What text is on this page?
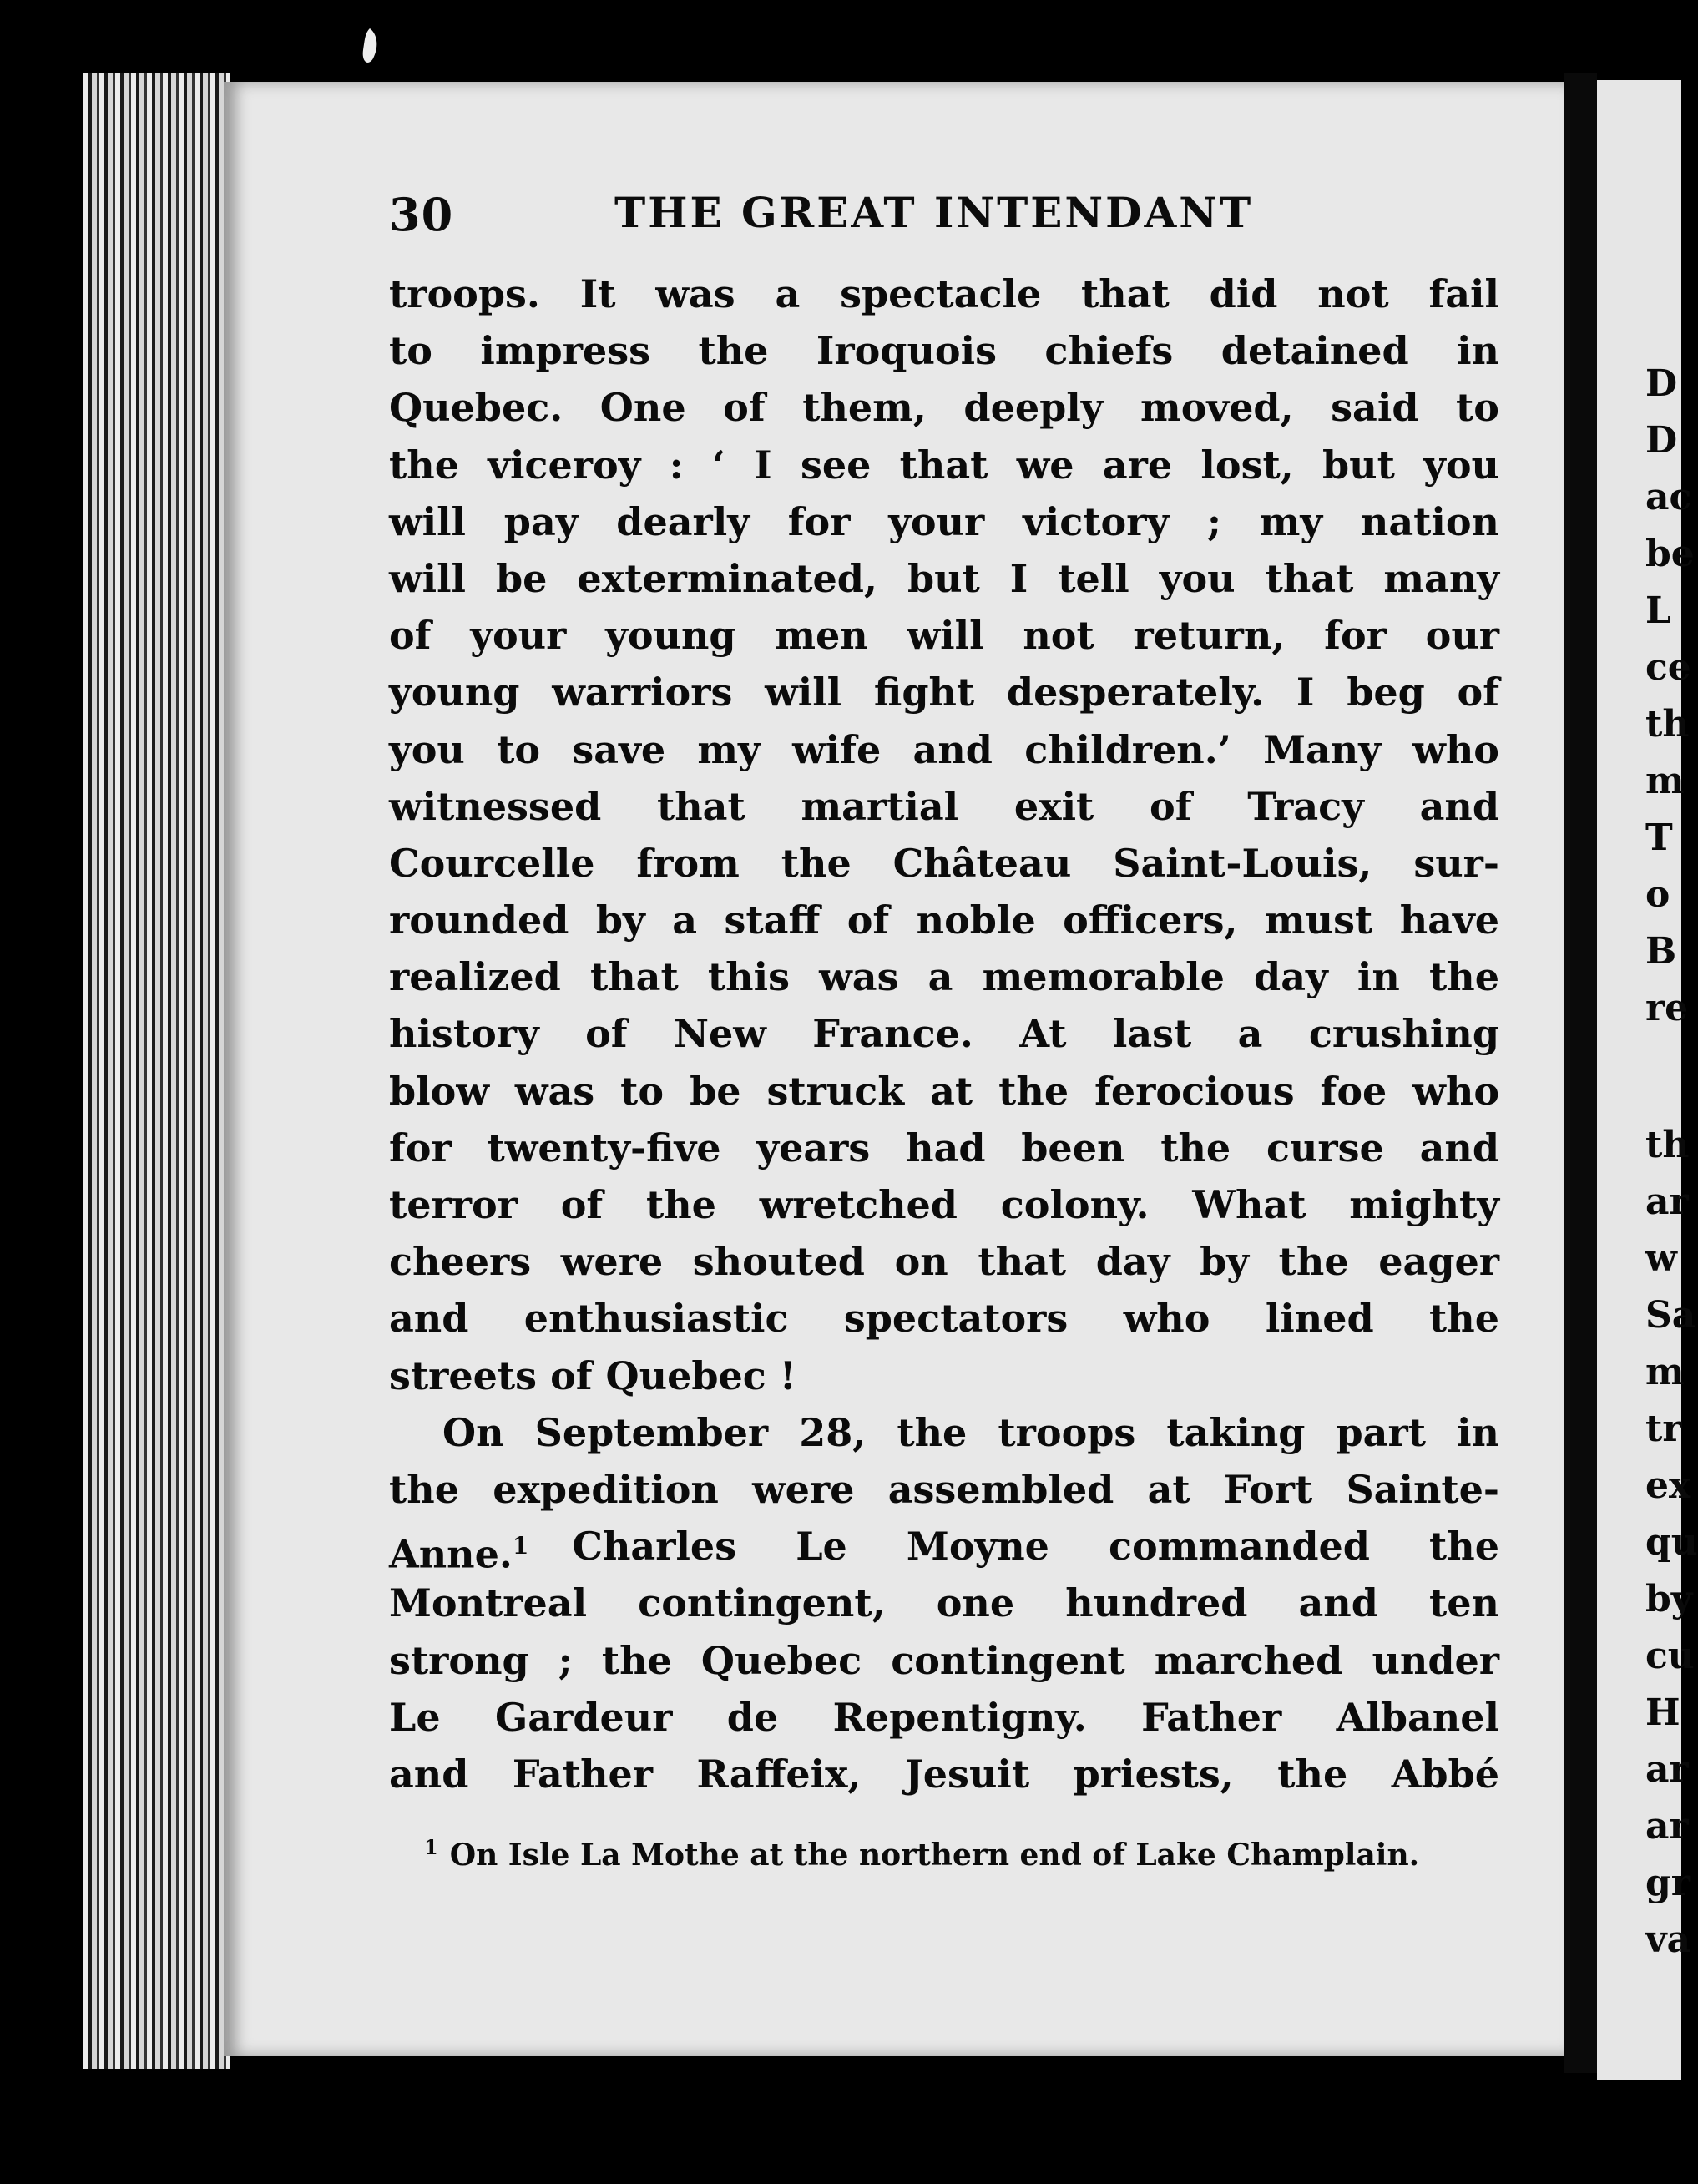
D
D
ac
be
L
ce
th
m
T
o
B
re
th
ar
w
Sa
m
tr
ex
qu
by
cu
H
ar
ar
gr
va
30	THE GREAT INTENDANT
troops. It was a spectacle that did not fail
to impress the Iroquois chiefs detained in
Quebec. One of them, deeply moved, said to
the viceroy : ‘ I see that we are lost, but you
will pay dearly for your victory ; my nation
will be exterminated, but I tell you that many
of your young men will not return, for our
young warriors will fight desperately. I beg of
you to save my wife and children.’ Many who
witnessed that martial exit of Tracy and
Courcelle from the Château Saint-Louis, sur-
rounded by a staff of noble officers, must have
realized that this was a memorable day in the
history of New France. At last a crushing
blow was to be struck at the ferocious foe who
for twenty-five years had been the curse and
terror of the wretched colony. What mighty
cheers were shouted on that day by the eager
and enthusiastic spectators who lined the
streets of Quebec !
On September 28, the troops taking part in
the expedition were assembled at Fort Sainte-
Anne.$^1$ Charles Le Moyne commanded the
Montreal contingent, one hundred and ten
strong ; the Quebec contingent marched under
Le Gardeur de Repentigny. Father Albanel
and Father Raffeix, Jesuit priests, the Abbé
$^1$ On Isle La Mothe at the northern end of Lake Champlain.
